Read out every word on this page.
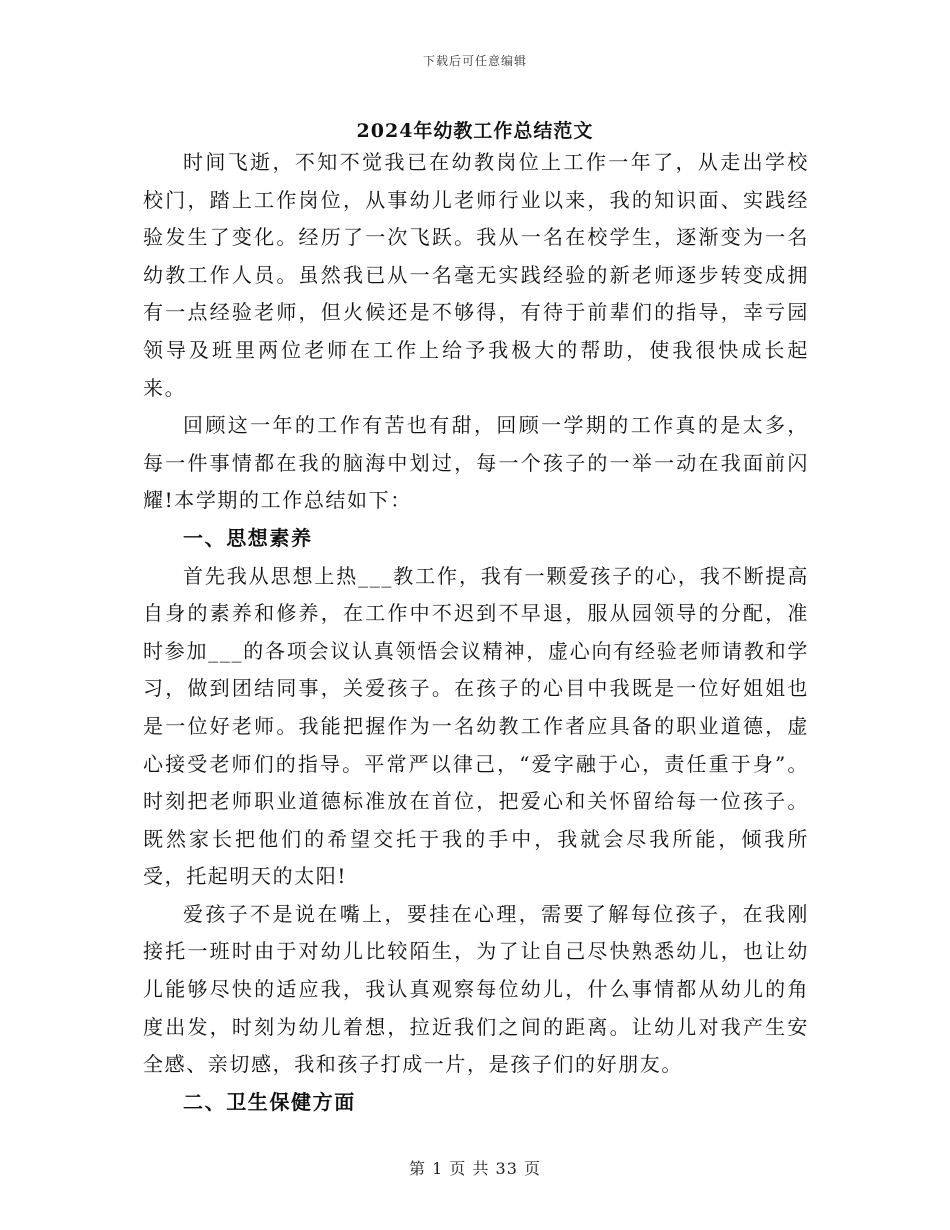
下载后可任意编辑
2024年幼教工作总结范文

时间飞逝，不知不觉我已在幼教岗位上工作一年了，从走出学校校门，踏上工作岗位，从事幼儿老师行业以来，我的知识面、实践经验发生了变化。经历了一次飞跃。我从一名在校学生，逐渐变为一名幼教工作人员。虽然我已从一名毫无实践经验的新老师逐步转变成拥有一点经验老师，但火候还是不够得，有待于前辈们的指导，幸亏园领导及班里两位老师在工作上给予我极大的帮助，使我很快成长起来。

回顾这一年的工作有苦也有甜，回顾一学期的工作真的是太多，每一件事情都在我的脑海中划过，每一个孩子的一举一动在我面前闪耀!本学期的工作总结如下：

一、思想素养

首先我从思想上热___教工作，我有一颗爱孩子的心，我不断提高自身的素养和修养，在工作中不迟到不早退，服从园领导的分配，准时参加___的各项会议认真领悟会议精神，虚心向有经验老师请教和学习，做到团结同事，关爱孩子。在孩子的心目中我既是一位好姐姐也是一位好老师。我能把握作为一名幼教工作者应具备的职业道德，虚心接受老师们的指导。平常严以律己，“爱字融于心，责任重于身”。时刻把老师职业道德标准放在首位，把爱心和关怀留给每一位孩子。既然家长把他们的希望交托于我的手中，我就会尽我所能，倾我所受，托起明天的太阳!

爱孩子不是说在嘴上，要挂在心理，需要了解每位孩子，在我刚接托一班时由于对幼儿比较陌生，为了让自己尽快熟悉幼儿，也让幼儿能够尽快的适应我，我认真观察每位幼儿，什么事情都从幼儿的角度出发，时刻为幼儿着想，拉近我们之间的距离。让幼儿对我产生安全感、亲切感，我和孩子打成一片，是孩子们的好朋友。

二、卫生保健方面
第 1 页 共 33 页
